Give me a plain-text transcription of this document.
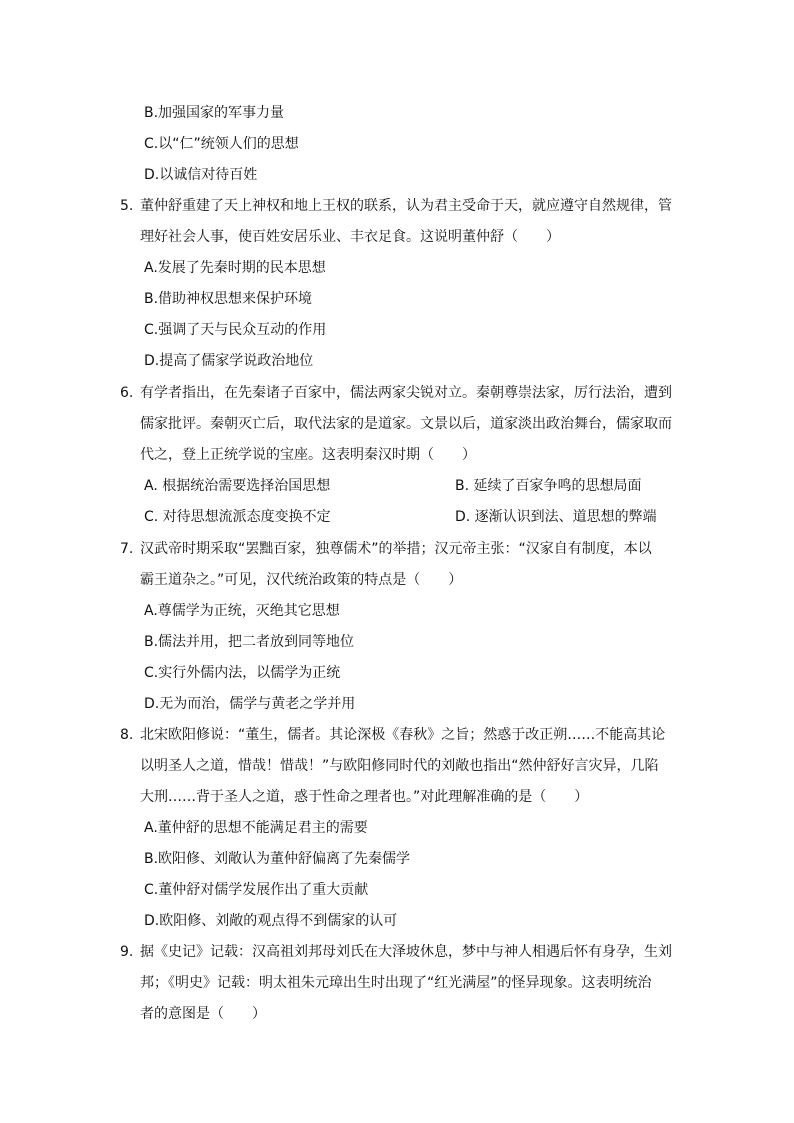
B.加强国家的军事力量
C.以“仁”统领人们的思想
D.以诚信对待百姓
5. 董仲舒重建了天上神权和地上王权的联系，认为君主受命于天，就应遵守自然规律，管
理好社会人事，使百姓安居乐业、丰衣足食。这说明董仲舒（　　）
A.发展了先秦时期的民本思想
B.借助神权思想来保护环境
C.强调了天与民众互动的作用
D.提高了儒家学说政治地位
6. 有学者指出，在先秦诸子百家中，儒法两家尖锐对立。秦朝尊崇法家，厉行法治，遭到
儒家批评。秦朝灭亡后，取代法家的是道家。文景以后，道家淡出政治舞台，儒家取而
代之，登上正统学说的宝座。这表明秦汉时期（　　）
A. 根据统治需要选择治国思想	B. 延续了百家争鸣的思想局面
C. 对待思想流派态度变换不定	D. 逐渐认识到法、道思想的弊端
7. 汉武帝时期采取“罢黜百家，独尊儒术”的举措；汉元帝主张：“汉家自有制度，本以
霸王道杂之。”可见，汉代统治政策的特点是（　　）
A.尊儒学为正统，灭绝其它思想
B.儒法并用，把二者放到同等地位
C.实行外儒内法，以儒学为正统
D.无为而治，儒学与黄老之学并用
8. 北宋欧阳修说：“董生，儒者。其论深极《春秋》之旨；然惑于改正朔……不能高其论
以明圣人之道，惜哉！惜哉！”与欧阳修同时代的刘敞也指出“然仲舒好言灾异，几陷
大刑……背于圣人之道，惑于性命之理者也。”对此理解准确的是（　　）
A.董仲舒的思想不能满足君主的需要
B.欧阳修、刘敞认为董仲舒偏离了先秦儒学
C.董仲舒对儒学发展作出了重大贡献
D.欧阳修、刘敞的观点得不到儒家的认可
9. 据《史记》记载：汉高祖刘邦母刘氏在大泽坡休息，梦中与神人相遇后怀有身孕，生刘
邦；《明史》记载：明太祖朱元璋出生时出现了“红光满屋”的怪异现象。这表明统治
者的意图是（　　）
